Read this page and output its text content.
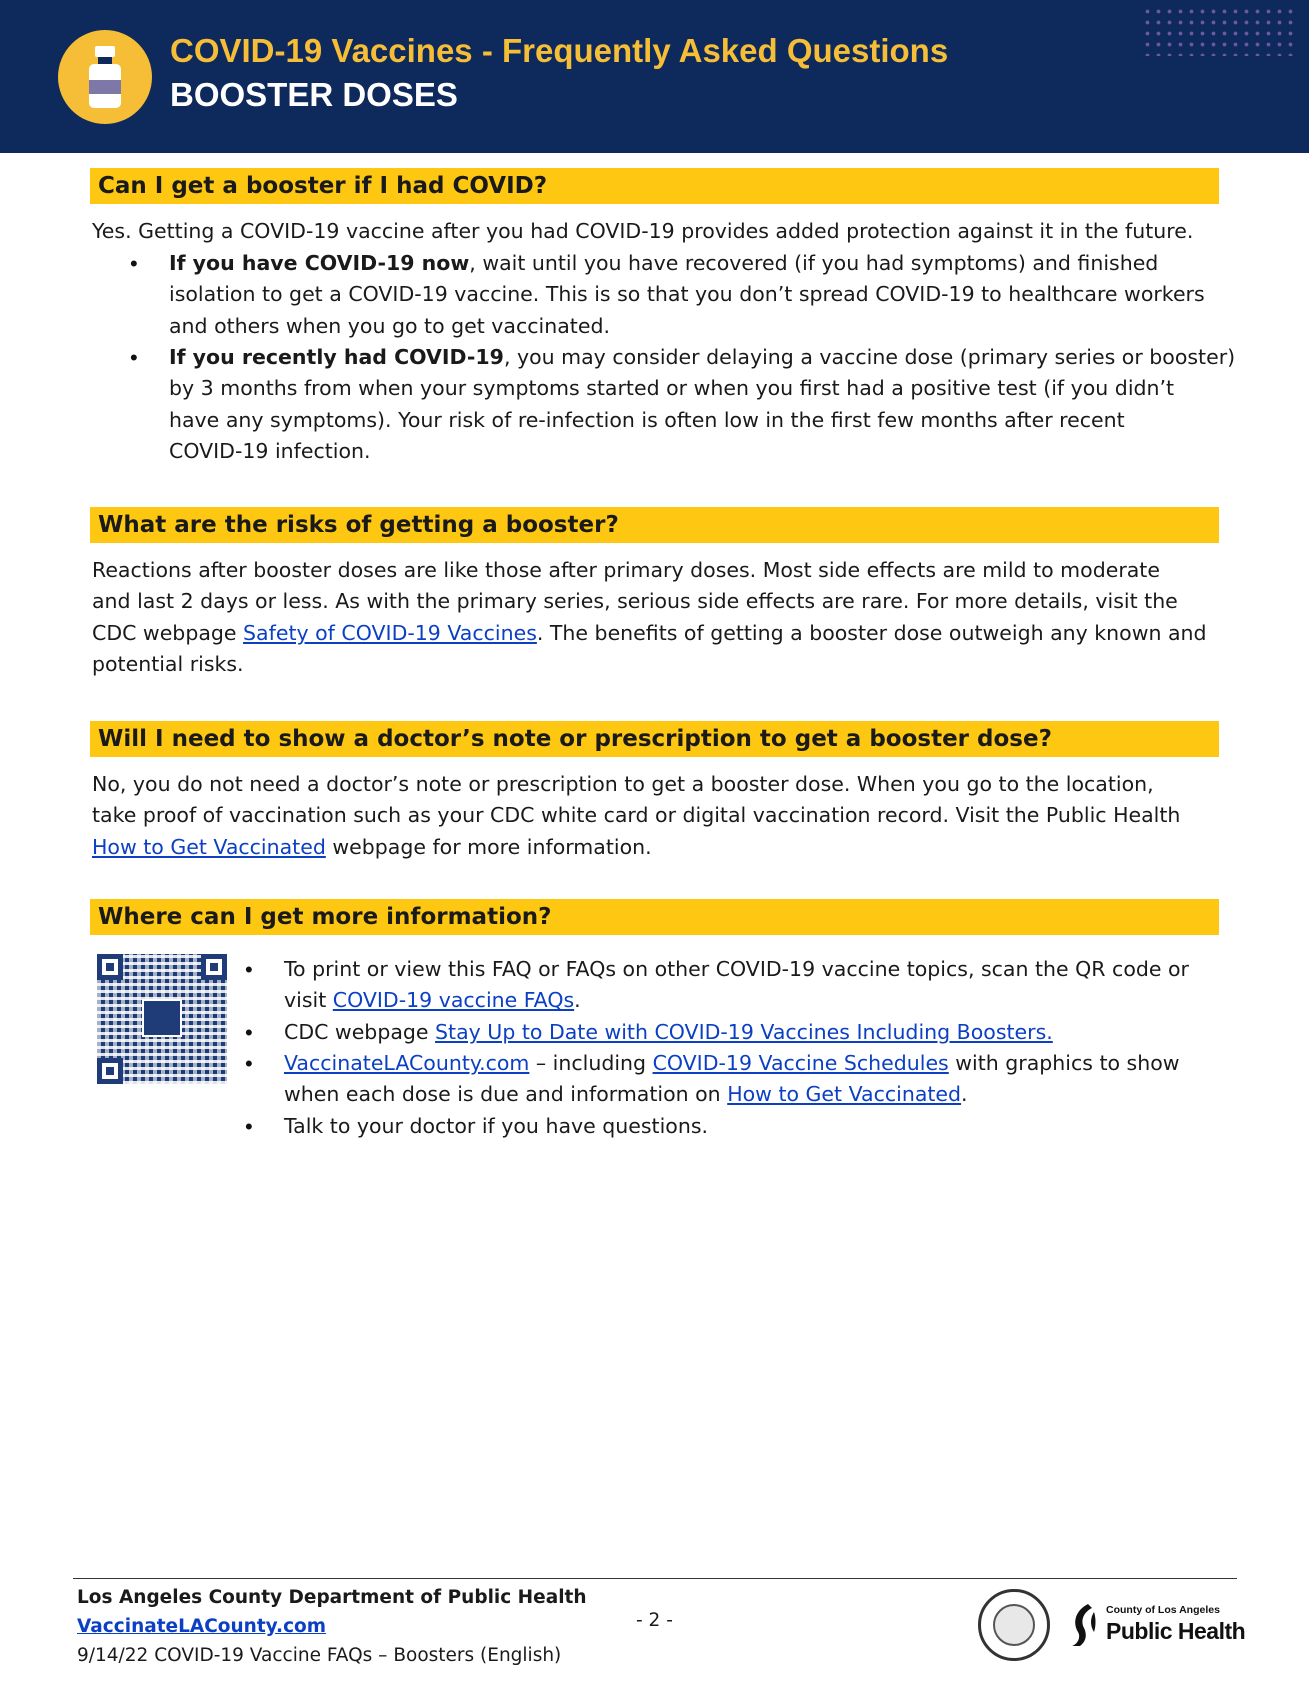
COVID-19 Vaccines - Frequently Asked Questions
BOOSTER DOSES
Can I get a booster if I had COVID?
Yes. Getting a COVID-19 vaccine after you had COVID-19 provides added protection against it in the future.
• If you have COVID-19 now, wait until you have recovered (if you had symptoms) and finished
isolation to get a COVID-19 vaccine. This is so that you don’t spread COVID-19 to healthcare workers
and others when you go to get vaccinated.
• If you recently had COVID-19, you may consider delaying a vaccine dose (primary series or booster)
by 3 months from when your symptoms started or when you first had a positive test (if you didn’t
have any symptoms). Your risk of re-infection is often low in the first few months after recent
COVID-19 infection.
What are the risks of getting a booster?
Reactions after booster doses are like those after primary doses. Most side effects are mild to moderate
and last 2 days or less. As with the primary series, serious side effects are rare. For more details, visit the
CDC webpage Safety of COVID-19 Vaccines. The benefits of getting a booster dose outweigh any known and
potential risks.
Will I need to show a doctor’s note or prescription to get a booster dose?
No, you do not need a doctor’s note or prescription to get a booster dose. When you go to the location,
take proof of vaccination such as your CDC white card or digital vaccination record. Visit the Public Health
How to Get Vaccinated webpage for more information.
Where can I get more information?
• To print or view this FAQ or FAQs on other COVID-19 vaccine topics, scan the QR code or
visit COVID-19 vaccine FAQs.
• CDC webpage Stay Up to Date with COVID-19 Vaccines Including Boosters.
• VaccinateLACounty.com – including COVID-19 Vaccine Schedules with graphics to show
when each dose is due and information on How to Get Vaccinated.
• Talk to your doctor if you have questions.
Los Angeles County Department of Public Health
VaccinateLACounty.com
9/14/22 COVID-19 Vaccine FAQs – Boosters (English)
- 2 -	County of Los Angeles
Public Health
